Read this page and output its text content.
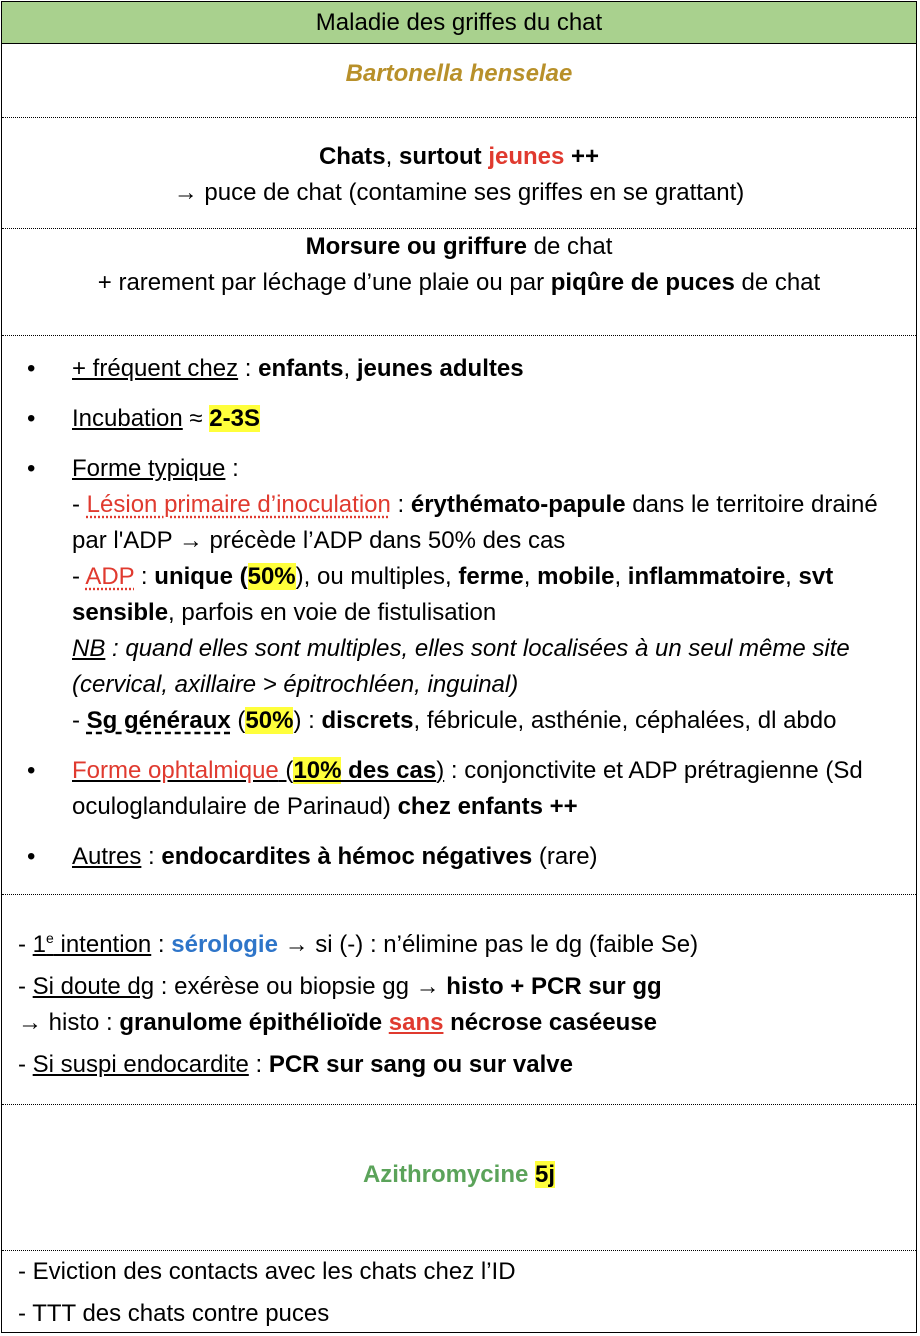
Maladie des griffes du chat
Bartonella henselae

Chats, surtout jeunes ++

→ puce de chat (contamine ses griffes en se grattant)

Morsure ou griffure de chat

+ rarement par léchage d’une plaie ou par piqûre de puces de chat

• + fréquent chez : enfants, jeunes adultes
• Incubation ≈ 2-3S
• Forme typique :

- Lésion primaire d’inoculation : érythémato-papule dans le territoire drainé par l'ADP → précède l’ADP dans 50% des cas

- ADP : unique (50%), ou multiples, ferme, mobile, inflammatoire, svt sensible, parfois en voie de fistulisation

NB : quand elles sont multiples, elles sont localisées à un seul même site (cervical, axillaire > épitrochléen, inguinal)

- Sg généraux (50%) : discrets, fébricule, asthénie, céphalées, dl abdo

• Forme ophtalmique (10% des cas) : conjonctivite et ADP prétragienne (Sd oculoglandulaire de Parinaud) chez enfants ++

• Autres : endocardites à hémoc négatives (rare)

- 1e intention : sérologie → si (-) : n’élimine pas le dg (faible Se)

- Si doute dg : exérèse ou biopsie gg → histo + PCR sur gg

→ histo : granulome épithélioïde sans nécrose caséeuse

- Si suspi endocardite : PCR sur sang ou sur valve

Azithromycine 5j

- Eviction des contacts avec les chats chez l’ID

- TTT des chats contre puces
